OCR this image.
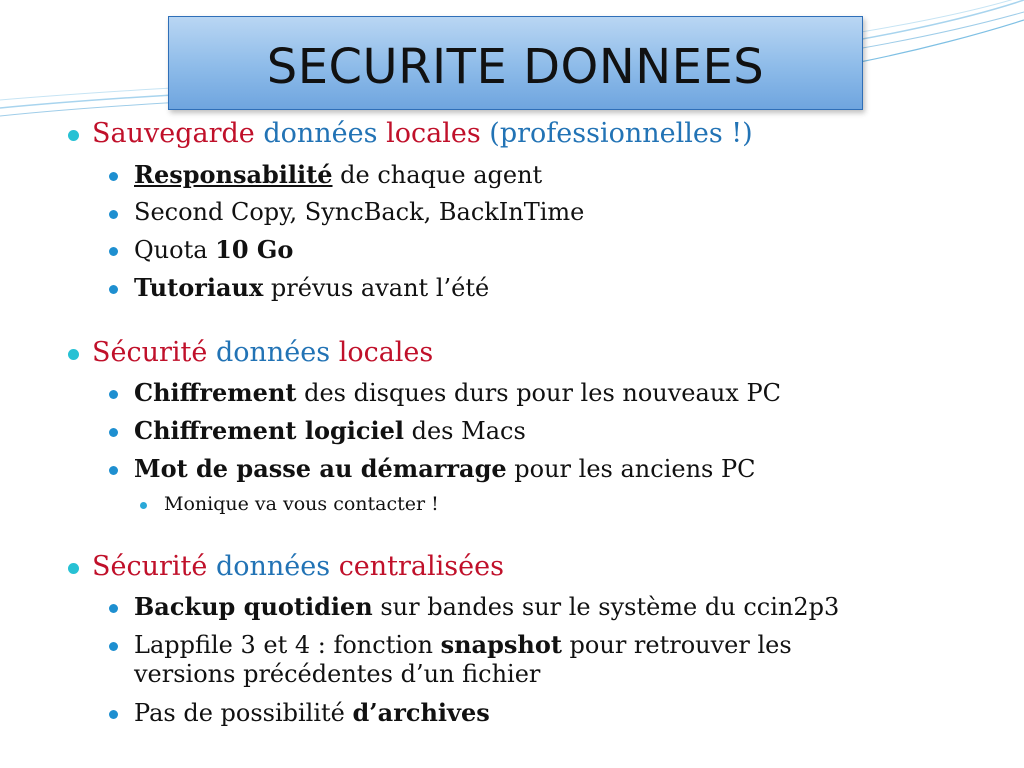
SECURITE DONNEES
Sauvegarde données locales (professionnelles !)
Responsabilité de chaque agent
Second Copy, SyncBack, BackInTime
Quota 10 Go
Tutoriaux prévus avant l’été
Sécurité données locales
Chiffrement des disques durs pour les nouveaux PC
Chiffrement logiciel des Macs
Mot de passe au démarrage pour les anciens PC
Monique va vous contacter !
Sécurité données centralisées
Backup quotidien sur bandes sur le système du ccin2p3
Lappfile 3 et 4 : fonction snapshot pour retrouver les
versions précédentes d’un fichier
Pas de possibilité d’archives
